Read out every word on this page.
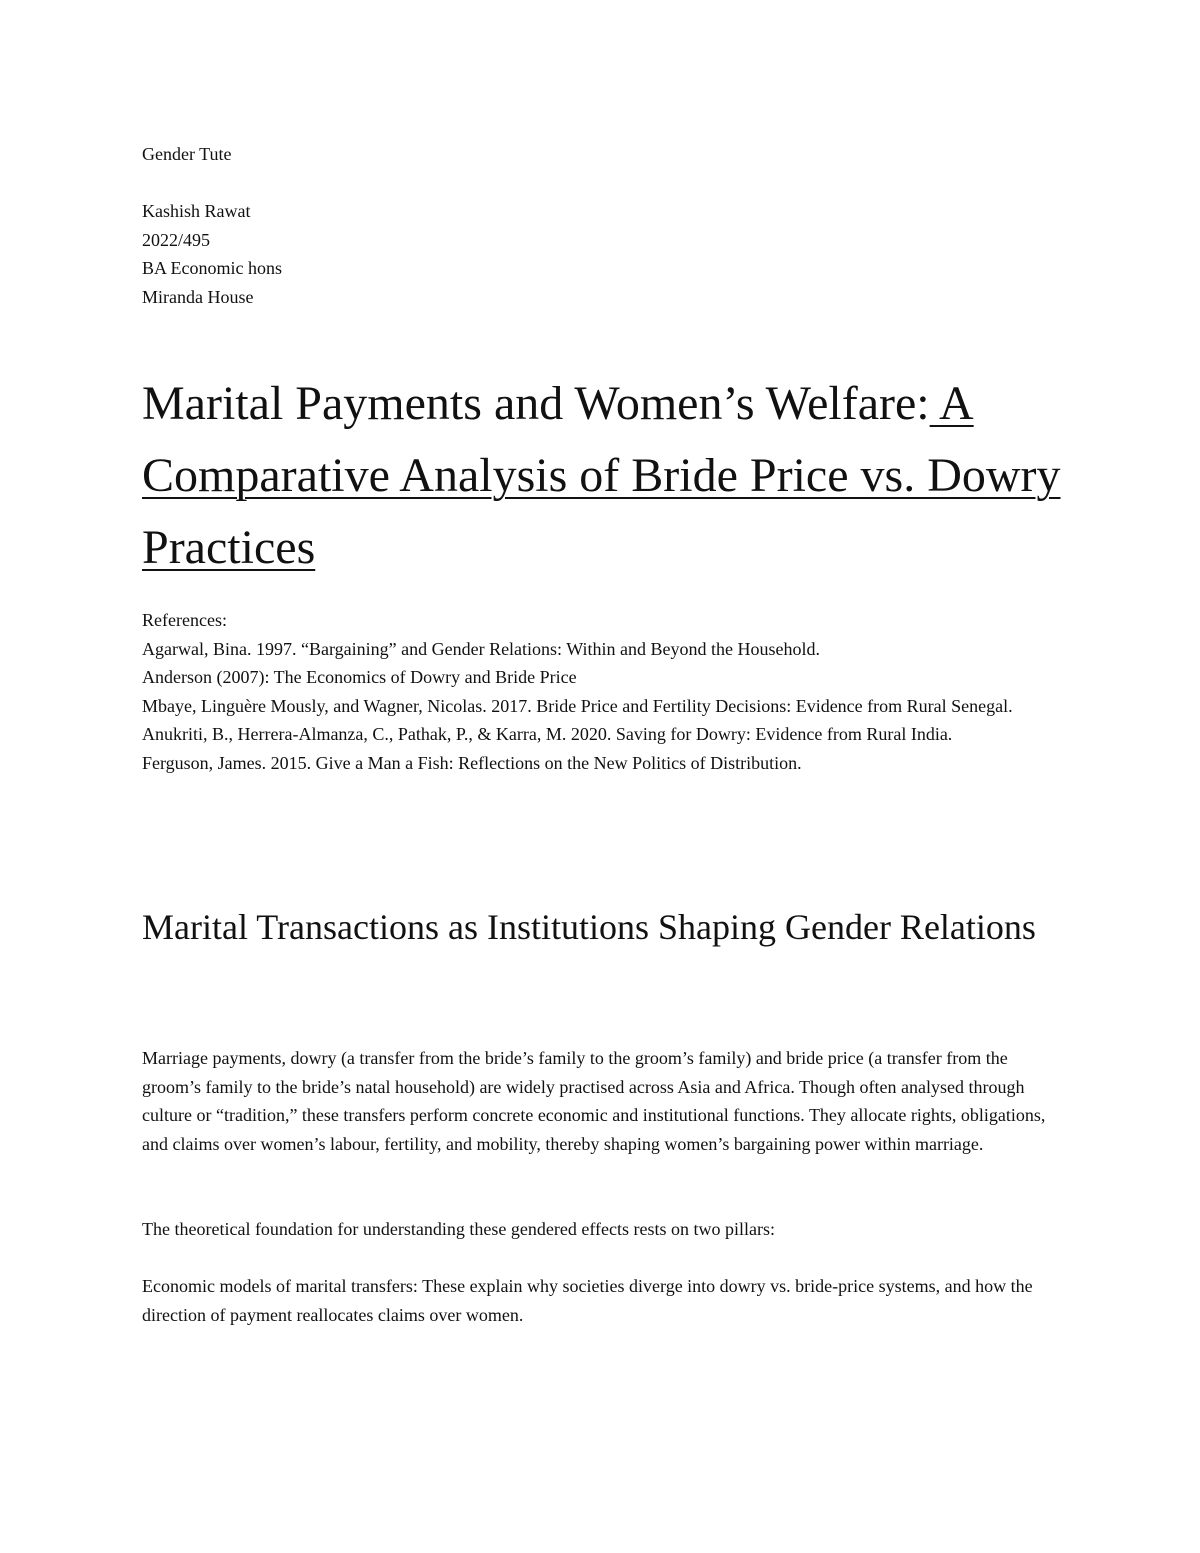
Gender Tute

Kashish Rawat

2022/495

BA Economic hons

Miranda House

Marital Payments and Women’s Welfare: A Comparative Analysis of Bride Price vs. Dowry Practices

References:

Agarwal, Bina. 1997. “Bargaining” and Gender Relations: Within and Beyond the Household.

Anderson (2007): The Economics of Dowry and Bride Price

Mbaye, Linguère Mously, and Wagner, Nicolas. 2017. Bride Price and Fertility Decisions: Evidence from Rural Senegal.

Anukriti, B., Herrera-Almanza, C., Pathak, P., & Karra, M. 2020. Saving for Dowry: Evidence from Rural India.

Ferguson, James. 2015. Give a Man a Fish: Reflections on the New Politics of Distribution.

Marital Transactions as Institutions Shaping Gender Relations

Marriage payments, dowry (a transfer from the bride’s family to the groom’s family) and bride price (a transfer from the groom’s family to the bride’s natal household) are widely practised across Asia and Africa. Though often analysed through culture or “tradition,” these transfers perform concrete economic and institutional functions. They allocate rights, obligations, and claims over women’s labour, fertility, and mobility, thereby shaping women’s bargaining power within marriage.

The theoretical foundation for understanding these gendered effects rests on two pillars:

Economic models of marital transfers: These explain why societies diverge into dowry vs. bride-price systems, and how the direction of payment reallocates claims over women.
